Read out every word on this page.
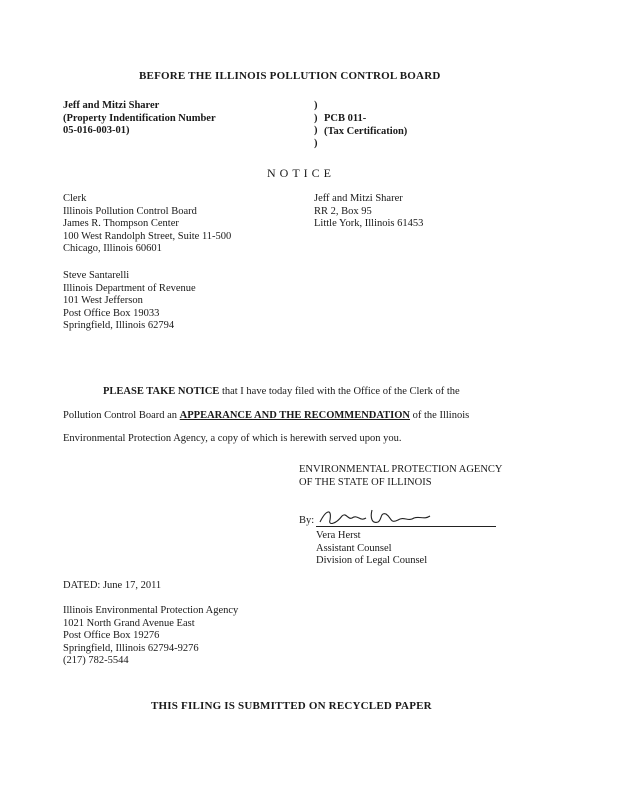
BEFORE THE ILLINOIS POLLUTION CONTROL BOARD
Jeff and Mitzi Sharer
(Property Indentification Number
05-016-003-01)
)
)
)
)
PCB 011-
(Tax Certification)
NOTICE
Clerk
Illinois Pollution Control Board
James R. Thompson Center
100 West Randolph Street, Suite 11-500
Chicago, Illinois 60601
Jeff and Mitzi Sharer
RR 2, Box 95
Little York, Illinois 61453
Steve Santarelli
Illinois Department of Revenue
101 West Jefferson
Post Office Box 19033
Springfield, Illinois 62794
PLEASE TAKE NOTICE that I have today filed with the Office of the Clerk of the
Pollution Control Board an APPEARANCE AND THE RECOMMENDATION of the Illinois
Environmental Protection Agency, a copy of which is herewith served upon you.
ENVIRONMENTAL PROTECTION AGENCY
OF THE STATE OF ILLINOIS
By:
Vera Herst
Assistant Counsel
Division of Legal Counsel
DATED: June 17, 2011
Illinois Environmental Protection Agency
1021 North Grand Avenue East
Post Office Box 19276
Springfield, Illinois 62794-9276
(217) 782-5544
THIS FILING IS SUBMITTED ON RECYCLED PAPER
